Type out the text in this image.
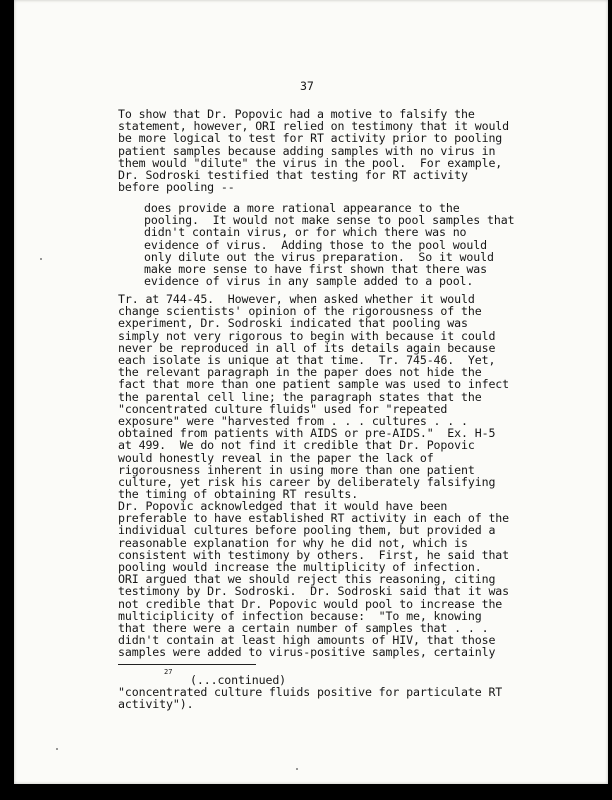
37

To show that Dr. Popovic had a motive to falsify the
statement, however, ORI relied on testimony that it would
be more logical to test for RT activity prior to pooling
patient samples because adding samples with no virus in
them would "dilute" the virus in the pool.  For example,
Dr. Sodroski testified that testing for RT activity
before pooling --

does provide a more rational appearance to the
pooling.  It would not make sense to pool samples that
didn't contain virus, or for which there was no
evidence of virus.  Adding those to the pool would
only dilute out the virus preparation.  So it would
make more sense to have first shown that there was
evidence of virus in any sample added to a pool.

Tr. at 744-45.  However, when asked whether it would
change scientists' opinion of the rigorousness of the
experiment, Dr. Sodroski indicated that pooling was
simply not very rigorous to begin with because it could
never be reproduced in all of its details again because
each isolate is unique at that time.  Tr. 745-46.  Yet,
the relevant paragraph in the paper does not hide the
fact that more than one patient sample was used to infect
the parental cell line; the paragraph states that the
"concentrated culture fluids" used for "repeated
exposure" were "harvested from . . . cultures . . .
obtained from patients with AIDS or pre-AIDS."  Ex. H-5
at 499.  We do not find it credible that Dr. Popovic
would honestly reveal in the paper the lack of
rigorousness inherent in using more than one patient
culture, yet risk his career by deliberately falsifying
the timing of obtaining RT results.

Dr. Popovic acknowledged that it would have been
preferable to have established RT activity in each of the
individual cultures before pooling them, but provided a
reasonable explanation for why he did not, which is
consistent with testimony by others.  First, he said that
pooling would increase the multiplicity of infection.
ORI argued that we should reject this reasoning, citing
testimony by Dr. Sodroski.  Dr. Sodroski said that it was
not credible that Dr. Popovic would pool to increase the
multiciplicity of infection because:  "To me, knowing
that there were a certain number of samples that . . .
didn't contain at least high amounts of HIV, that those
samples were added to virus-positive samples, certainly

27
(...continued)

"concentrated culture fluids positive for particulate RT
activity").
